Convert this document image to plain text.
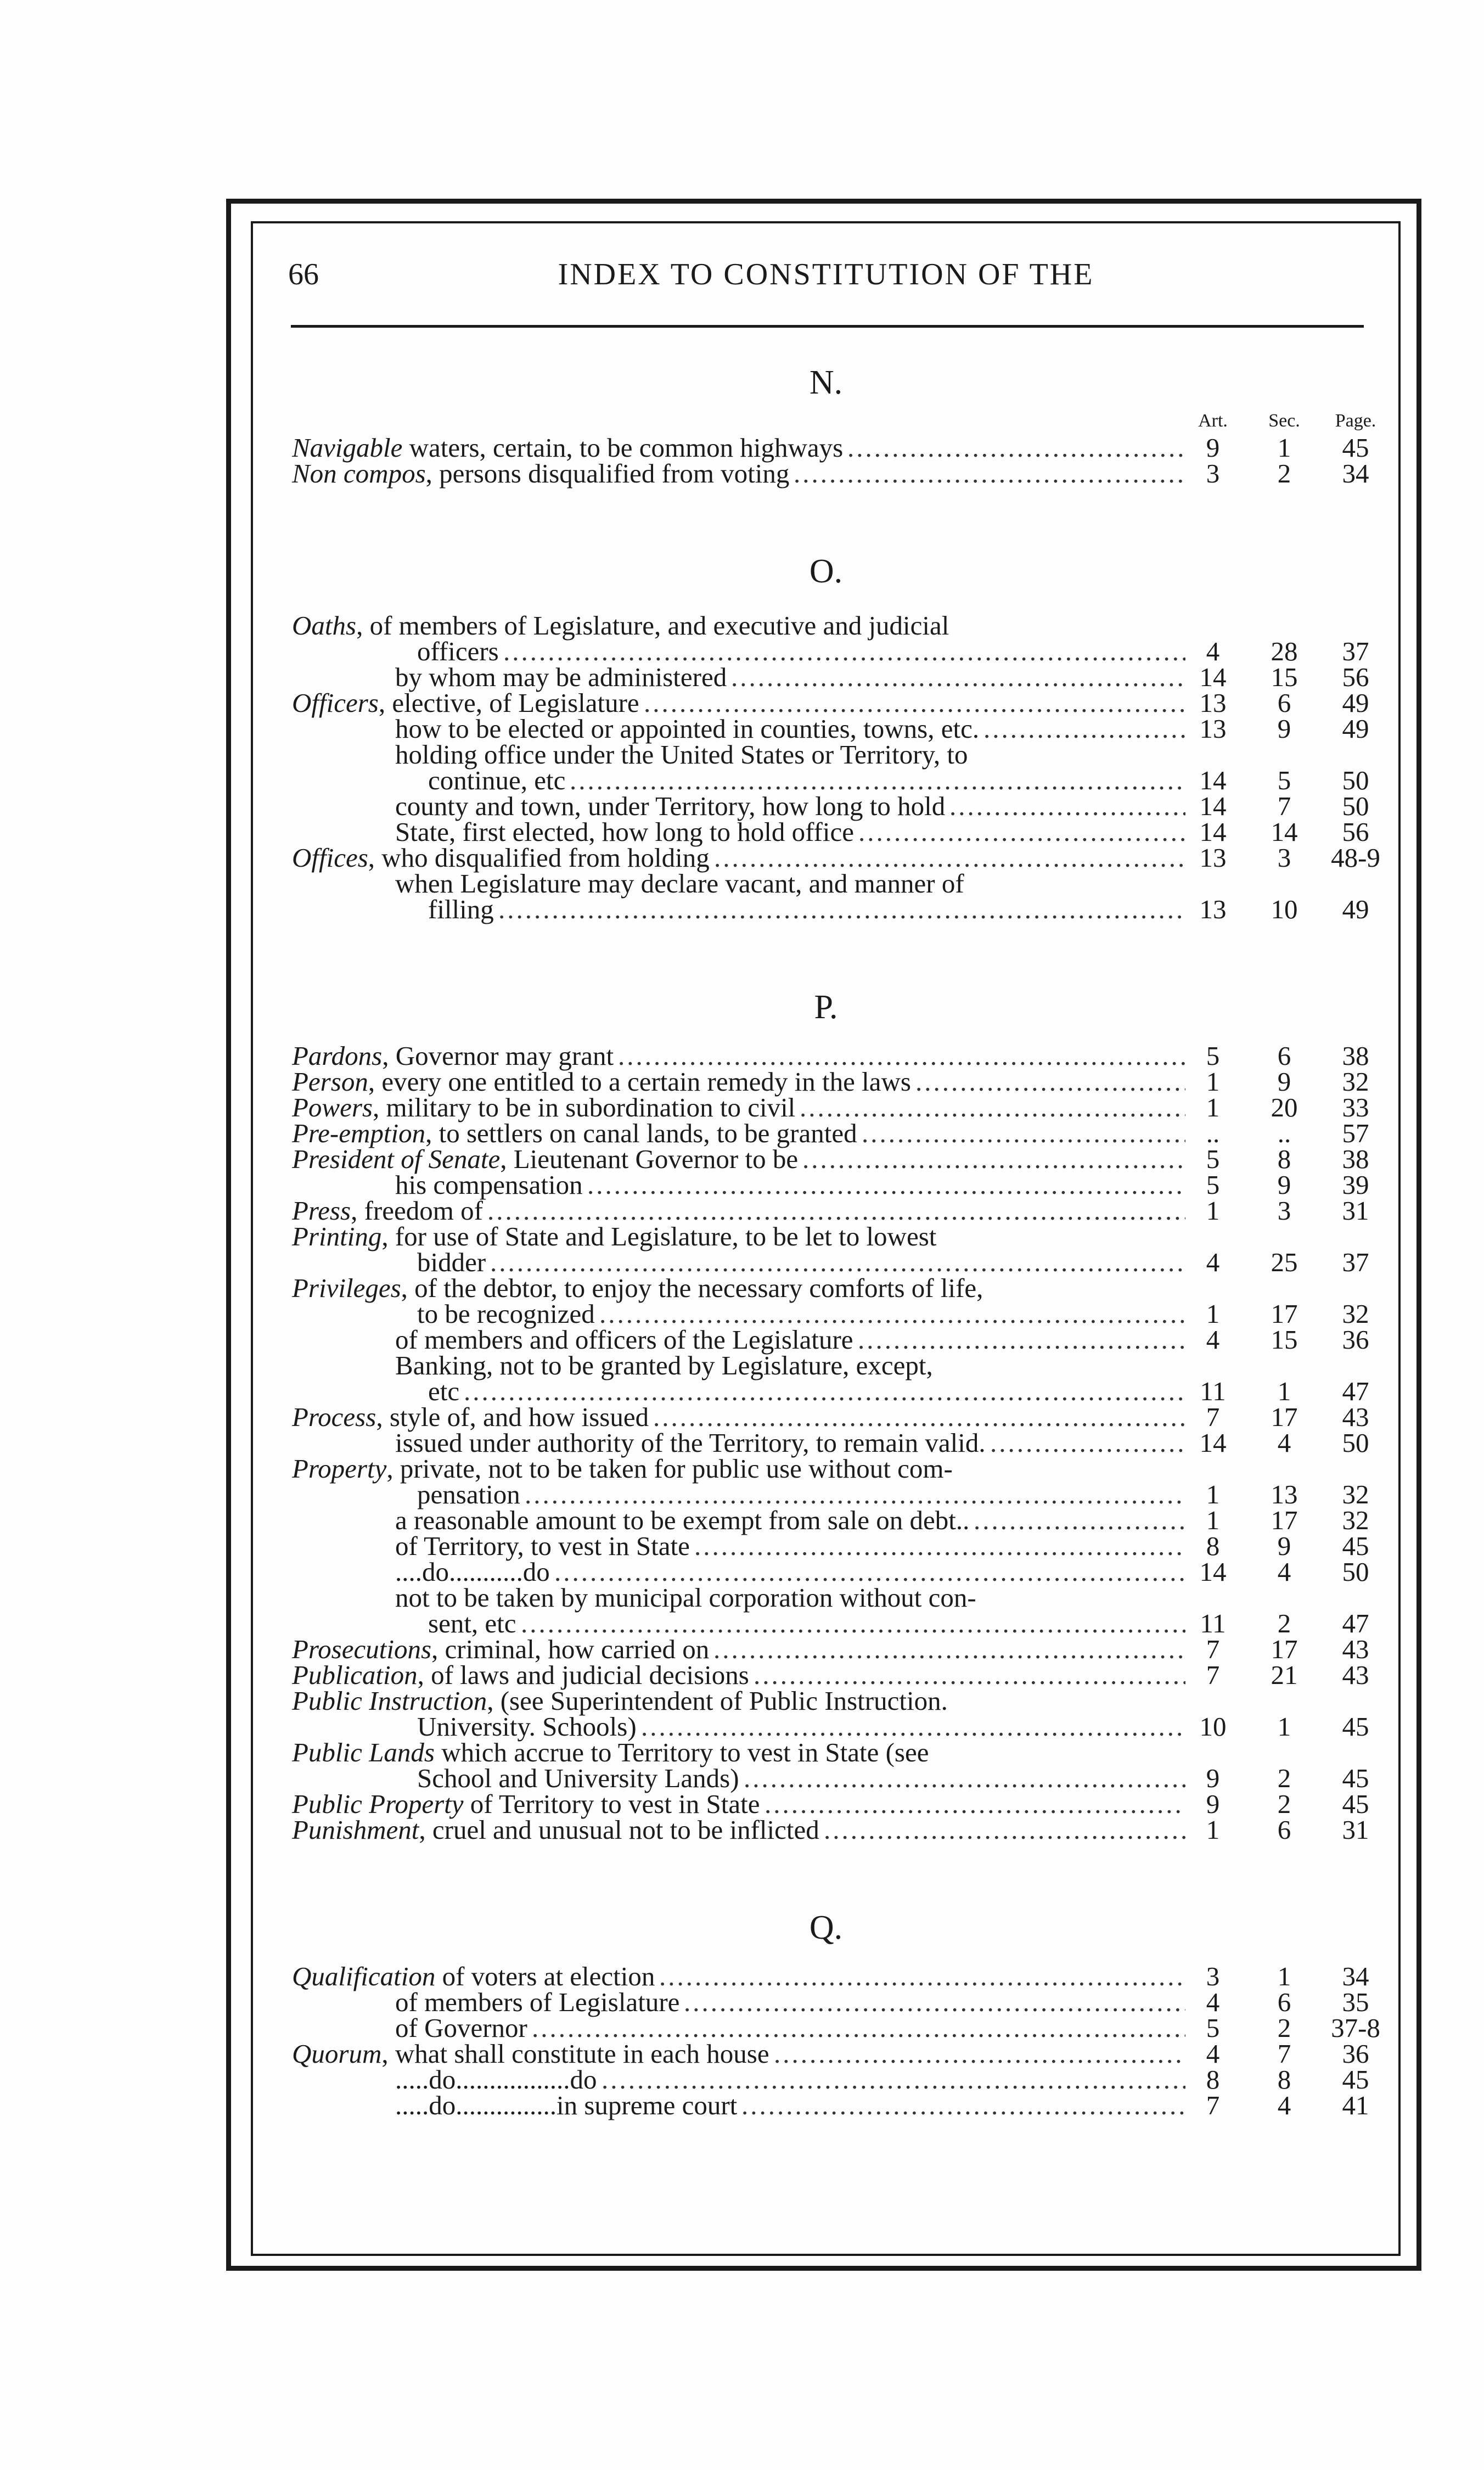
66	INDEX TO CONSTITUTION OF THE

N.

Art.	Sec.	Page.
Navigable waters, certain, to be common highways .....	9	1	45
Non compos, persons disqualified from voting .....	3	2	34

O.

Oaths, of members of Legislature, and executive and judicial
officers .....	4	28	37
by whom may be administered .....	14	15	56
Officers, elective, of Legislature .....	13	6	49
how to be elected or appointed in counties, towns, etc. .....	13	9	49
holding office under the United States or Territory, to
continue, etc .....	14	5	50
county and town, under Territory, how long to hold .....	14	7	50
State, first elected, how long to hold office .....	14	14	56
Offices, who disqualified from holding .....	13	3	48-9
when Legislature may declare vacant, and manner of
filling .....	13	10	49

P.

Pardons, Governor may grant .....	5	6	38
Person, every one entitled to a certain remedy in the laws .....	1	9	32
Powers, military to be in subordination to civil .....	1	20	33
Pre-emption, to settlers on canal lands, to be granted .....	..	..	57
President of Senate, Lieutenant Governor to be .....	5	8	38
his compensation .....	5	9	39
Press, freedom of .....	1	3	31
Printing, for use of State and Legislature, to be let to lowest
bidder .....	4	25	37
Privileges, of the debtor, to enjoy the necessary comforts of life,
to be recognized .....	1	17	32
of members and officers of the Legislature .....	4	15	36
Banking, not to be granted by Legislature, except,
etc .....	11	1	47
Process, style of, and how issued .....	7	17	43
issued under authority of the Territory, to remain valid. .....	14	4	50
Property, private, not to be taken for public use without com-
pensation .....	1	13	32
a reasonable amount to be exempt from sale on debt.. .....	1	17	32
of Territory, to vest in State .....	8	9	45
....do...........do .....	14	4	50
not to be taken by municipal corporation without con-
sent, etc .....	11	2	47
Prosecutions, criminal, how carried on .....	7	17	43
Publication, of laws and judicial decisions .....	7	21	43
Public Instruction, (see Superintendent of Public Instruction.
University. Schools) .....	10	1	45
Public Lands which accrue to Territory to vest in State (see
School and University Lands) .....	9	2	45
Public Property of Territory to vest in State .....	9	2	45
Punishment, cruel and unusual not to be inflicted .....	1	6	31

Q.

Qualification of voters at election .....	3	1	34
of members of Legislature .....	4	6	35
of Governor .....	5	2	37-8
Quorum, what shall constitute in each house .....	4	7	36
.....do.................do .....	8	8	45
.....do...............in supreme court .....	7	4	41
